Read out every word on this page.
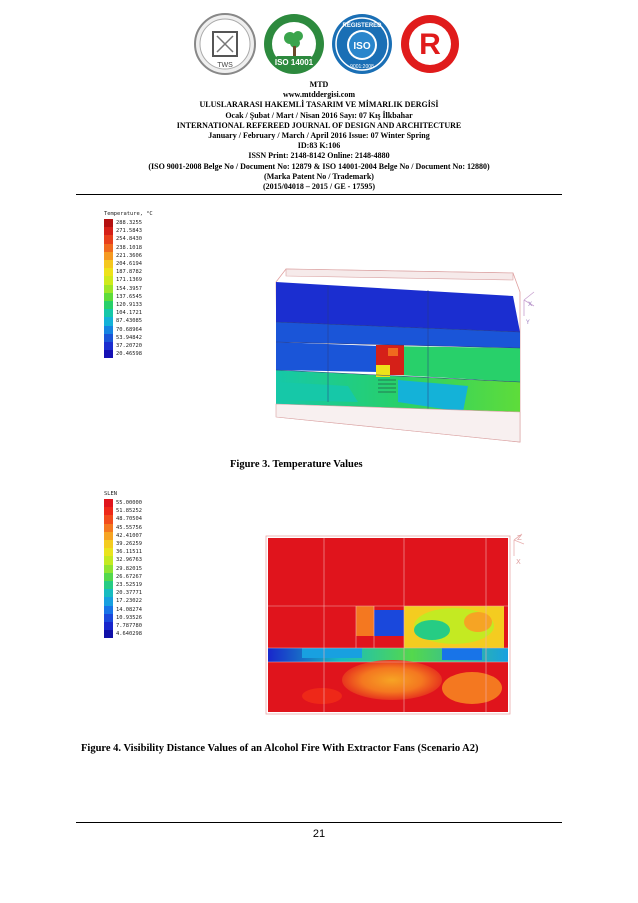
TWS	ISO 14001
ISO
REGISTERED
9001:2008
R
MTD
www.mtddergisi.com
ULUSLARARASI HAKEMLİ TASARIM VE MİMARLIK DERGİSİ
Ocak / Şubat / Mart / Nisan 2016 Sayı: 07 Kış İlkbahar
INTERNATIONAL REFEREED JOURNAL OF DESIGN AND ARCHITECTURE
January / February / March / April 2016 Issue: 07 Winter Spring
ID:83 K:106
ISSN Print: 2148-8142 Online: 2148-4880
(ISO 9001-2008 Belge No / Document No: 12879 & ISO 14001-2004 Belge No / Document No: 12880)
(Marka Patent No / Trademark)
(2015/04018 – 2015 / GE - 17595)
Temperature, °C
288.3255
271.5843
254.8430
238.1018
221.3606
204.6194
187.8782
171.1369
154.3957
137.6545
120.9133
104.1721
87.43085
70.68964
53.94842
37.20720
20.46598
X
Y
Figure 3. Temperature Values
SLEN
55.00000
51.85252
48.70504
45.55756
42.41007
39.26259
36.11511
32.96763
29.82015
26.67267
23.52519
20.37771
17.23022
14.08274
10.93526
7.787780
4.640298
Z
X
Figure 4. Visibility Distance Values of an Alcohol Fire With Extractor Fans (Scenario A2)
21
